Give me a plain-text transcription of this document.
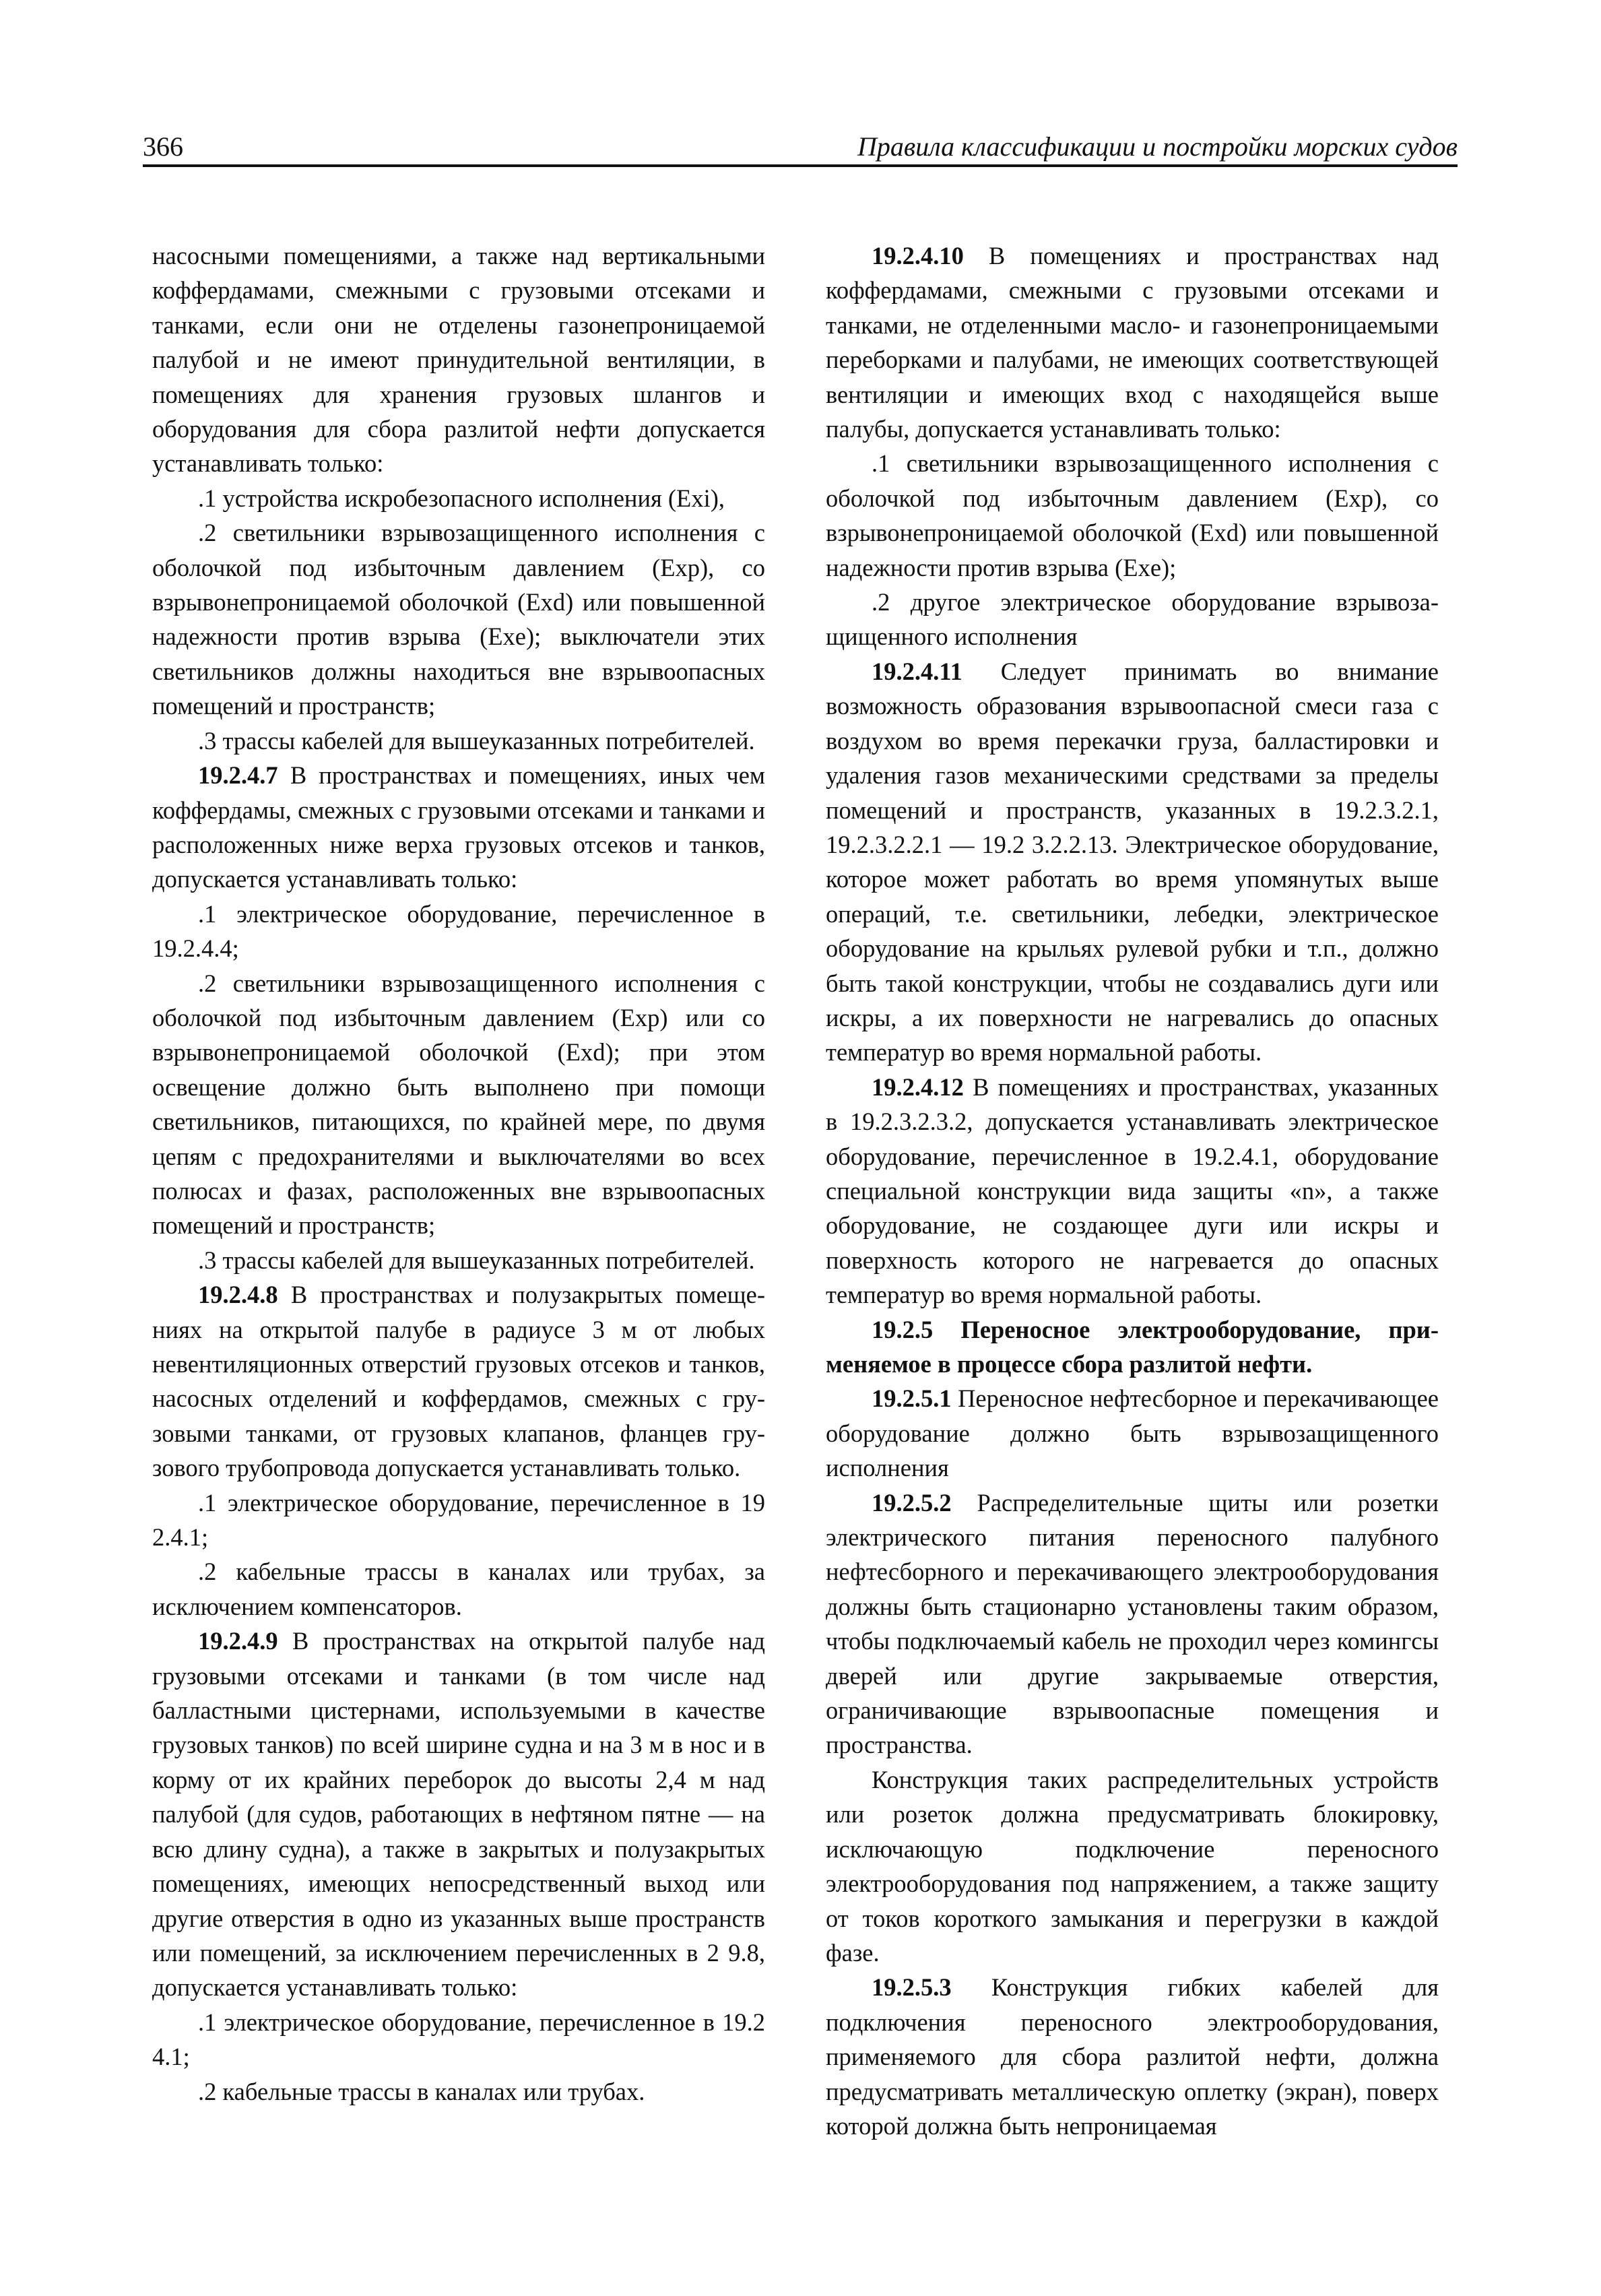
366	Правила классификации и постройки морских судов

насосными помещениями, а также над вертикальными коффердамами, смежными с грузовыми отсеками и танками, если они не отделены газонепроницаемой палубой и не имеют принудительной вентиляции, в помещениях для хранения грузовых шлангов и оборудования для сбора разлитой нефти допускается устанавливать только:

.1 устройства искробезопасного исполнения (Exi),

.2 светильники взрывозащищенного исполнения с оболочкой под избыточным давлением (Exp), со взрывонепроницаемой оболочкой (Exd) или повышенной надежности против взрыва (Exe); выключатели этих светильников должны находиться вне взрывоопасных помещений и пространств;

.3 трассы кабелей для вышеуказанных потребителей.

19.2.4.7 В пространствах и помещениях, иных чем коффердамы, смежных с грузовыми отсеками и танками и расположенных ниже верха грузовых отсеков и танков, допускается устанавливать только:

.1 электрическое оборудование, перечисленное в 19.2.4.4;

.2 светильники взрывозащищенного исполнения с оболочкой под избыточным давлением (Exp) или со взрывонепроницаемой оболочкой (Exd); при этом освещение должно быть выполнено при помощи светильников, питающихся, по крайней мере, по двумя цепям с предохранителями и выключателями во всех полюсах и фазах, расположенных вне взрывоопасных помещений и пространств;

.3 трассы кабелей для вышеуказанных потребителей.

19.2.4.8 В пространствах и полузакрытых помещениях на открытой палубе в радиусе 3 м от любых невентиляционных отверстий грузовых отсеков и танков, насосных отделений и коффердамов, смежных с грузовыми танками, от грузовых клапанов, фланцев грузового трубопровода допускается устанавливать только.

.1 электрическое оборудование, перечисленное в 19 2.4.1;

.2 кабельные трассы в каналах или трубах, за исключением компенсаторов.

19.2.4.9 В пространствах на открытой палубе над грузовыми отсеками и танками (в том числе над балластными цистернами, используемыми в качестве грузовых танков) по всей ширине судна и на 3 м в нос и в корму от их крайних переборок до высоты 2,4 м над палубой (для судов, работающих в нефтяном пятне — на всю длину судна), а также в закрытых и полузакрытых помещениях, имеющих непосредственный выход или другие отверстия в одно из указанных выше пространств или помещений, за исключением перечисленных в 2 9.8, допускается устанавливать только:

.1 электрическое оборудование, перечисленное в 19.2 4.1;

.2 кабельные трассы в каналах или трубах.

19.2.4.10 В помещениях и пространствах над коффердамами, смежными с грузовыми отсеками и танками, не отделенными масло- и газонепроницаемыми переборками и палубами, не имеющих соответствующей вентиляции и имеющих вход с находящейся выше палубы, допускается устанавливать только:

.1 светильники взрывозащищенного исполнения с оболочкой под избыточным давлением (Exp), со взрывонепроницаемой оболочкой (Exd) или повышенной надежности против взрыва (Exe);

.2 другое электрическое оборудование взрывозащищенного исполнения

19.2.4.11 Следует принимать во внимание возможность образования взрывоопасной смеси газа с воздухом во время перекачки груза, балластировки и удаления газов механическими средствами за пределы помещений и пространств, указанных в 19.2.3.2.1, 19.2.3.2.2.1 — 19.2 3.2.2.13. Электрическое оборудование, которое может работать во время упомянутых выше операций, т.е. светильники, лебедки, электрическое оборудование на крыльях рулевой рубки и т.п., должно быть такой конструкции, чтобы не создавались дуги или искры, а их поверхности не нагревались до опасных температур во время нормальной работы.

19.2.4.12 В помещениях и пространствах, указанных в 19.2.3.2.3.2, допускается устанавливать электрическое оборудование, перечисленное в 19.2.4.1, оборудование специальной конструкции вида защиты «n», а также оборудование, не создающее дуги или искры и поверхность которого не нагревается до опасных температур во время нормальной работы.

19.2.5 Переносное электрооборудование, применяемое в процессе сбора разлитой нефти.

19.2.5.1 Переносное нефтесборное и перекачивающее оборудование должно быть взрывозащищенного исполнения

19.2.5.2 Распределительные щиты или розетки электрического питания переносного палубного нефтесборного и перекачивающего электрооборудования должны быть стационарно установлены таким образом, чтобы подключаемый кабель не проходил через комингсы дверей или другие закрываемые отверстия, ограничивающие взрывоопасные помещения и пространства.

Конструкция таких распределительных устройств или розеток должна предусматривать блокировку, исключающую подключение переносного электрооборудования под напряжением, а также защиту от токов короткого замыкания и перегрузки в каждой фазе.

19.2.5.3 Конструкция гибких кабелей для подключения переносного электрооборудования, применяемого для сбора разлитой нефти, должна предусматривать металлическую оплетку (экран), поверх которой должна быть непроницаемая
